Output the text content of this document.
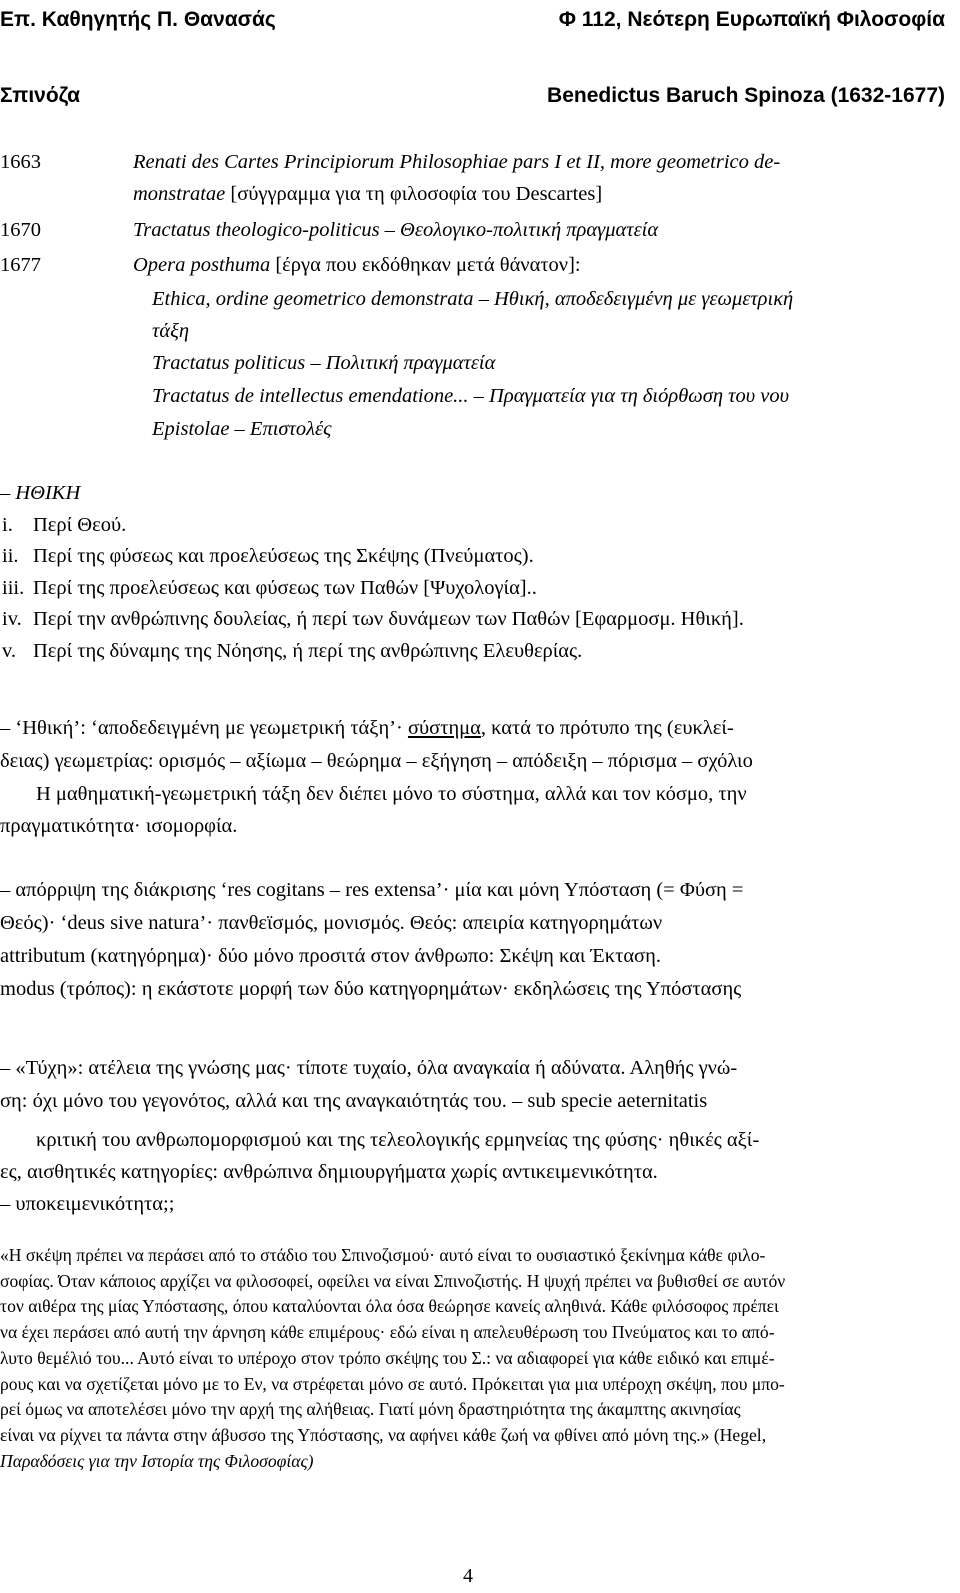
Επ. Καθηγητής Π. Θανασάς	Φ 112, Νεότερη Ευρωπαϊκή Φιλοσοφία
Σπινόζα	Benedictus Baruch Spinoza (1632-1677)
1663	Renati des Cartes Principiorum Philosophiae pars I et II, more geometrico de-
monstratae [σύγγραμμα για τη φιλοσοφία του Descartes]
1670	Tractatus theologico-politicus – Θεολογικο-πολιτική πραγματεία
1677	Opera posthuma [έργα που εκδόθηκαν μετά θάνατον]:
Ethica, ordine geometrico demonstrata – Ηθική, αποδεδειγμένη με γεωμετρική
τάξη
Tractatus politicus – Πολιτική πραγματεία
Tractatus de intellectus emendatione... – Πραγματεία για τη διόρθωση του νου
Epistolae – Επιστολές
– ΗΘΙΚΗ
i. Περί Θεού.
ii. Περί της φύσεως και προελεύσεως της Σκέψης (Πνεύματος).
iii. Περί της προελεύσεως και φύσεως των Παθών [Ψυχολογία]..
iv. Περί την ανθρώπινης δουλείας, ή περί των δυνάμεων των Παθών [Εφαρμοσμ. Ηθική].
v. Περί της δύναμης της Νόησης, ή περί της ανθρώπινης Ελευθερίας.
– ‘Ηθική’: ‘αποδεδειγμένη με γεωμετρική τάξη’· σύστημα, κατά το πρότυπο της (ευκλεί-
δειας) γεωμετρίας: ορισμός – αξίωμα – θεώρημα – εξήγηση – απόδειξη – πόρισμα – σχόλιο
Η μαθηματική-γεωμετρική τάξη δεν διέπει μόνο το σύστημα, αλλά και τον κόσμο, την
πραγματικότητα· ισομορφία.
– απόρριψη της διάκρισης ‘res cogitans – res extensa’· μία και μόνη Υπόσταση (= Φύση =
Θεός)· ‘deus sive natura’· πανθεϊσμός, μονισμός. Θεός: απειρία κατηγορημάτων
attributum (κατηγόρημα)· δύο μόνο προσιτά στον άνθρωπο: Σκέψη και Έκταση.
modus (τρόπος): η εκάστοτε μορφή των δύο κατηγορημάτων· εκδηλώσεις της Υπόστασης
– «Τύχη»: ατέλεια της γνώσης μας· τίποτε τυχαίο, όλα αναγκαία ή αδύνατα. Αληθής γνώ-
ση: όχι μόνο του γεγονότος, αλλά και της αναγκαιότητάς του. – sub specie aeternitatis
κριτική του ανθρωπομορφισμού και της τελεολογικής ερμηνείας της φύσης· ηθικές αξί-
ες, αισθητικές κατηγορίες: ανθρώπινα δημιουργήματα χωρίς αντικειμενικότητα.
– υποκειμενικότητα;;
«Η σκέψη πρέπει να περάσει από το στάδιο του Σπινοζισμού· αυτό είναι το ουσιαστικό ξεκίνημα κάθε φιλο-
σοφίας. Όταν κάποιος αρχίζει να φιλοσοφεί, οφείλει να είναι Σπινοζιστής. Η ψυχή πρέπει να βυθισθεί σε αυτόν
τον αιθέρα της μίας Υπόστασης, όπου καταλύονται όλα όσα θεώρησε κανείς αληθινά. Κάθε φιλόσοφος πρέπει
να έχει περάσει από αυτή την άρνηση κάθε επιμέρους· εδώ είναι η απελευθέρωση του Πνεύματος και το από-
λυτο θεμέλιό του... Αυτό είναι το υπέροχο στον τρόπο σκέψης του Σ.: να αδιαφορεί για κάθε ειδικό και επιμέ-
ρους και να σχετίζεται μόνο με το Εν, να στρέφεται μόνο σε αυτό. Πρόκειται για μια υπέροχη σκέψη, που μπο-
ρεί όμως να αποτελέσει μόνο την αρχή της αλήθειας. Γιατί μόνη δραστηριότητα της άκαμπτης ακινησίας
είναι να ρίχνει τα πάντα στην άβυσσο της Υπόστασης, να αφήνει κάθε ζωή να φθίνει από μόνη της.» (Hegel,
Παραδόσεις για την Ιστορία της Φιλοσοφίας)
4
